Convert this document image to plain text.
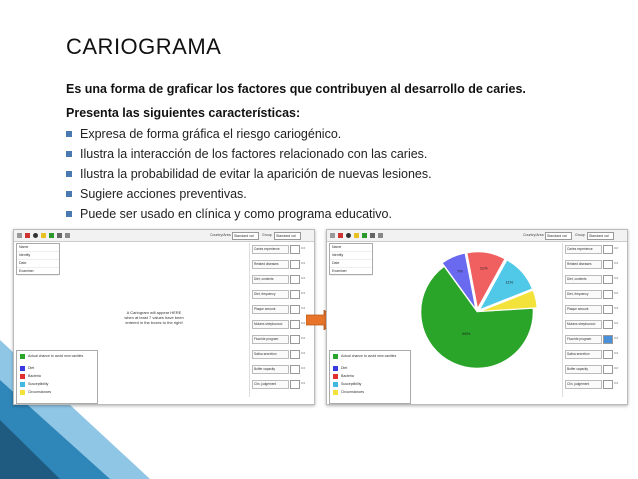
CARIOGRAMA
Es una forma de graficar los factores que contribuyen al desarrollo de caries.
Presenta las siguientes características:
Expresa de forma gráfica el riesgo cariogénico.
Ilustra la interacción de los factores relacionado con las caries.
Ilustra la probabilidad de evitar la aparición de nuevas lesiones.
Sugiere acciones preventivas.
Puede ser usado en clínica y como programa educativo.
Country/Area Standard val	Group	Standard val
Name
Identity
Date
Examiner
A Cariogram will appear HERE when at least 7 values have been entered in the boxes to the right!
Actual chance to avoid new cavities
Diet
Bacteria
Susceptibility
Circumstances
Caries experience	0.0
Related diseases	0.0
Diet, contents	0.0
Diet, frequency	0.0
Plaque amount	0.0
Mutans streptococci	0.0
Fluoride program	0.0
Saliva secretion	0.0
Buffer capacity	0.0
Clin. judgement	0.0
Country/Area Standard val	Group	Standard val
Name
Identity
Date
Examiner
66%
7%
11%
11%
Actual chance to avoid new cavities
Diet
Bacteria
Susceptibility
Circumstances
Caries experience	0.0
Related diseases	0.0
Diet, contents	0.0
Diet, frequency	0.0
Plaque amount	0.0
Mutans streptococci	0.0
Fluoride program	0.0
Saliva secretion	0.0
Buffer capacity	0.0
Clin. judgement	0.0
